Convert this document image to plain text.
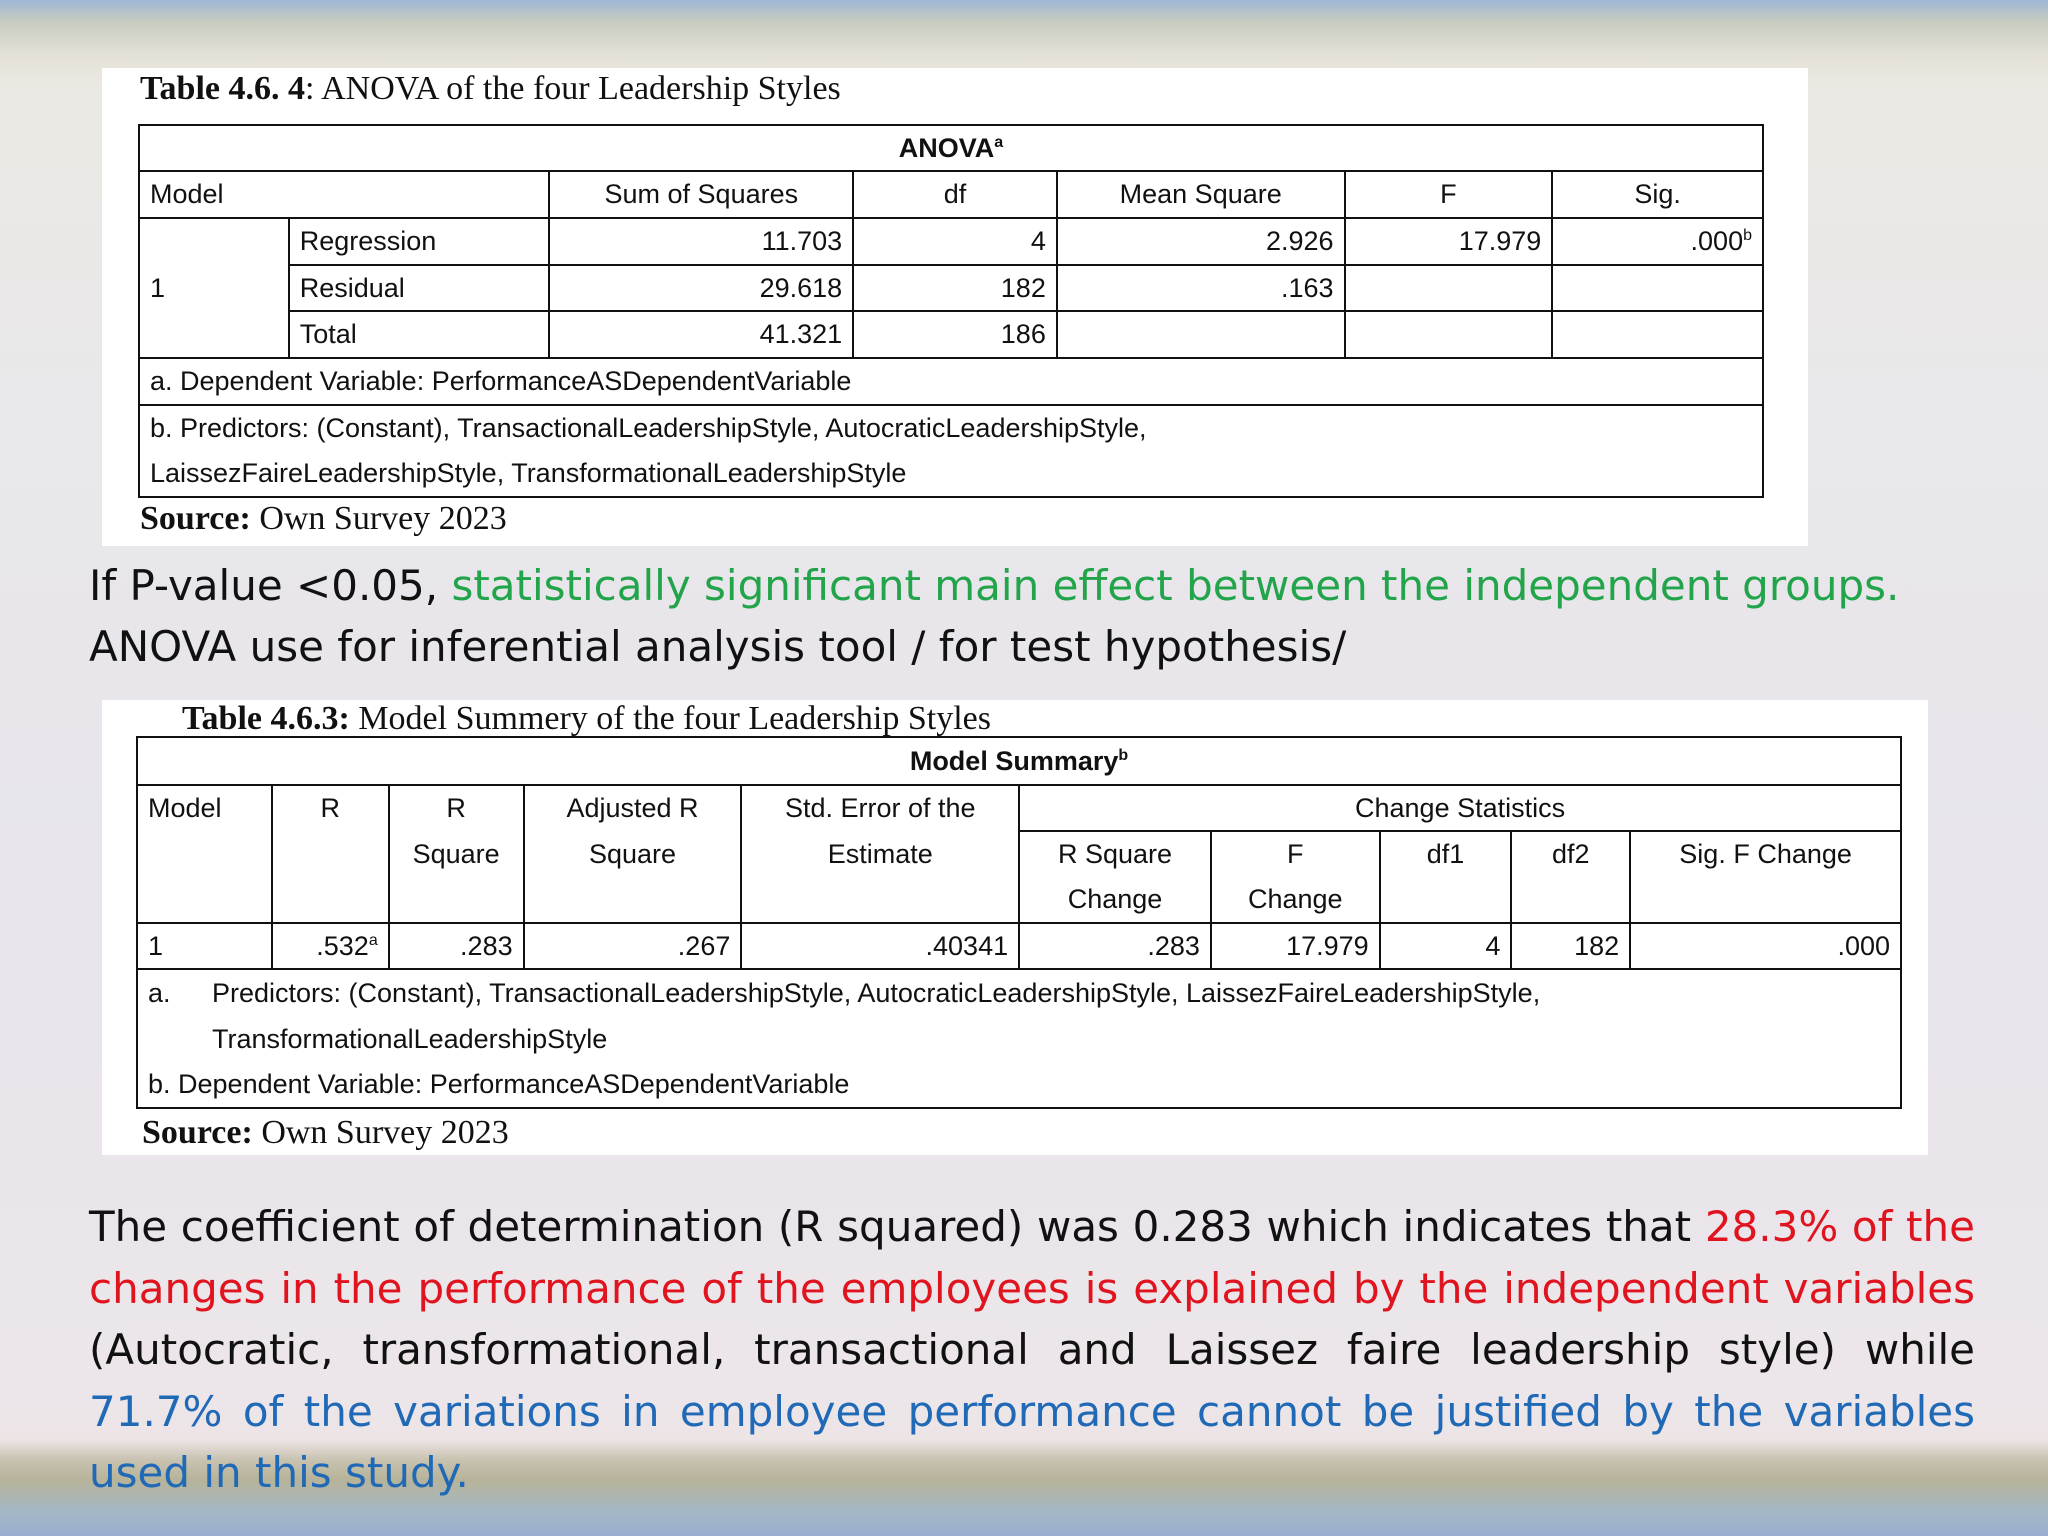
Table 4.6. 4: ANOVA of the four Leadership Styles
ANOVA$^a$
Model		Sum of Squares	df	Mean Square	F	Sig.
1	Regression	11.703	4	2.926	17.979	.000$^b$
	Residual	29.618	182	.163		
	Total	41.321	186			
a. Dependent Variable: PerformanceASDependentVariable						
b. Predictors: (Constant), TransactionalLeadershipStyle, AutocraticLeadershipStyle,						
LaissezFaireLeadershipStyle, TransformationalLeadershipStyle						
Source: Own Survey 2023
If P-value <0.05, statistically significant main effect between the independent groups.
ANOVA use for inferential analysis tool / for test hypothesis/
Table 4.6.3: Model Summery of the four Leadership Styles
Model Summary$^b$
Model	R	R	Adjusted R	Std. Error of the	Change Statistics				
		Square	Square	Estimate	R Square	F	df1	df2	Sig. F Change
					Change	Change			
1	.532$^a$	.283	.267	.40341	.283	17.979	4	182	.000
a. Predictors: (Constant), TransactionalLeadershipStyle, AutocraticLeadershipStyle, LaissezFaireLeadershipStyle,									
TransformationalLeadershipStyle									
b. Dependent Variable: PerformanceASDependentVariable									
Source: Own Survey 2023
The coefficient of determination (R squared) was 0.283 which indicates that 28.3% of the changes in the performance of the employees is explained by the independent variables (Autocratic, transformational, transactional and Laissez faire leadership style) while 71.7% of the variations in employee performance cannot be justified by the variables used in this study.
